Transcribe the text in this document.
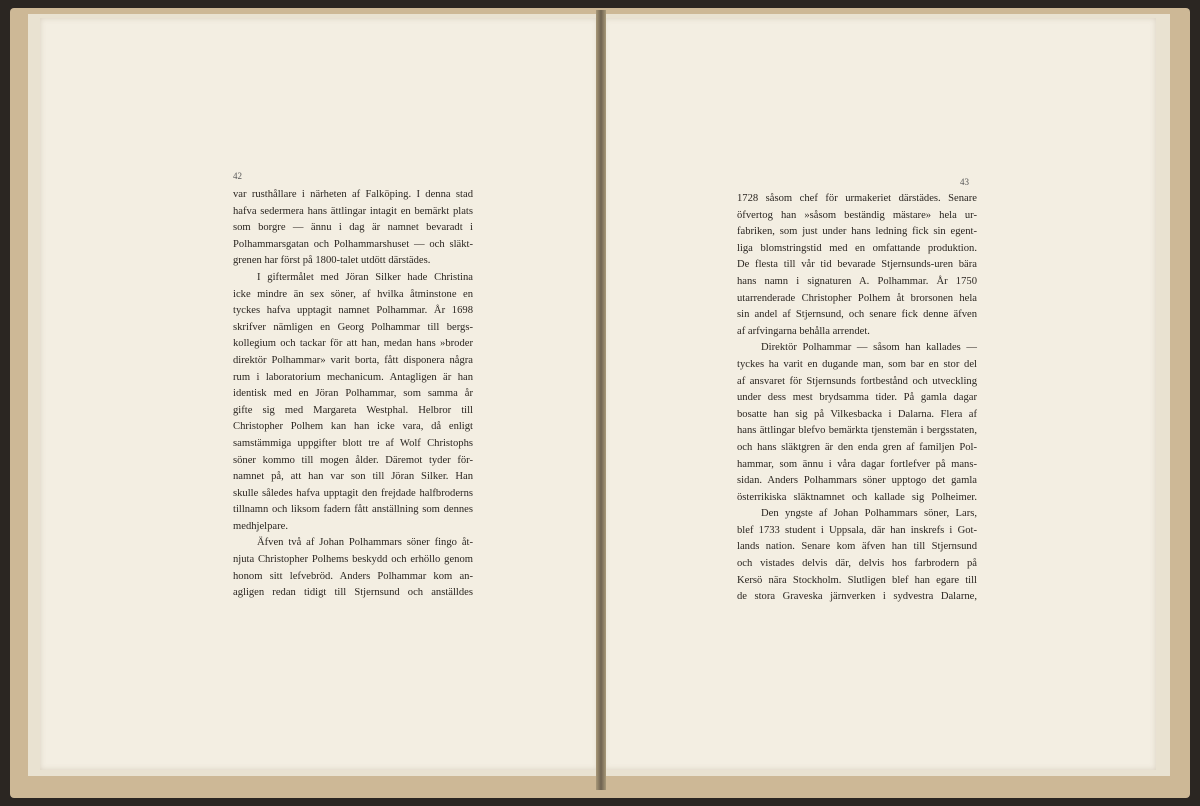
42
43
var rusthållare i närheten af Falköping. I denna stad
hafva sedermera hans ättlingar intagit en bemärkt plats
som borgre — ännu i dag är namnet bevaradt i
Polhammarsgatan och Polhammarshuset — och släkt-
grenen har först på 1800-talet utdött därstädes.
I giftermålet med Jöran Silker hade Christina
icke mindre än sex söner, af hvilka åtminstone en
tyckes hafva upptagit namnet Polhammar. År 1698
skrifver nämligen en Georg Polhammar till bergs-
kollegium och tackar för att han, medan hans »broder
direktör Polhammar» varit borta, fått disponera några
rum i laboratorium mechanicum. Antagligen är han
identisk med en Jöran Polhammar, som samma år
gifte sig med Margareta Westphal. Helbror till
Christopher Polhem kan han icke vara, då enligt
samstämmiga uppgifter blott tre af Wolf Christophs
söner kommo till mogen ålder. Däremot tyder för-
namnet på, att han var son till Jöran Silker. Han
skulle således hafva upptagit den frejdade halfbroderns
tillnamn och liksom fadern fått anställning som dennes
medhjelpare.
Äfven två af Johan Polhammars söner fingo åt-
njuta Christopher Polhems beskydd och erhöllo genom
honom sitt lefvebröd. Anders Polhammar kom an-
agligen redan tidigt till Stjernsund och anställdes
1728 såsom chef för urmakeriet därstädes. Senare
öfvertog han »såsom beständig mästare» hela ur-
fabriken, som just under hans ledning fick sin egent-
liga blomstringstid med en omfattande produktion.
De flesta till vår tid bevarade Stjernsunds-uren bära
hans namn i signaturen A. Polhammar. År 1750
utarrenderade Christopher Polhem åt brorsonen hela
sin andel af Stjernsund, och senare fick denne äfven
af arfvingarna behålla arrendet.
Direktör Polhammar — såsom han kallades —
tyckes ha varit en dugande man, som bar en stor del
af ansvaret för Stjernsunds fortbestånd och utveckling
under dess mest brydsamma tider. På gamla dagar
bosatte han sig på Vilkesbacka i Dalarna. Flera af
hans ättlingar blefvo bemärkta tjenstemän i bergsstaten,
och hans släktgren är den enda gren af familjen Pol-
hammar, som ännu i våra dagar fortlefver på mans-
sidan. Anders Polhammars söner upptogo det gamla
österrikiska släktnamnet och kallade sig Polheimer.
Den yngste af Johan Polhammars söner, Lars,
blef 1733 student i Uppsala, där han inskrefs i Got-
lands nation. Senare kom äfven han till Stjernsund
och vistades delvis där, delvis hos farbrodern på
Kersö nära Stockholm. Slutligen blef han egare till
de stora Graveska järnverken i sydvestra Dalarne,
